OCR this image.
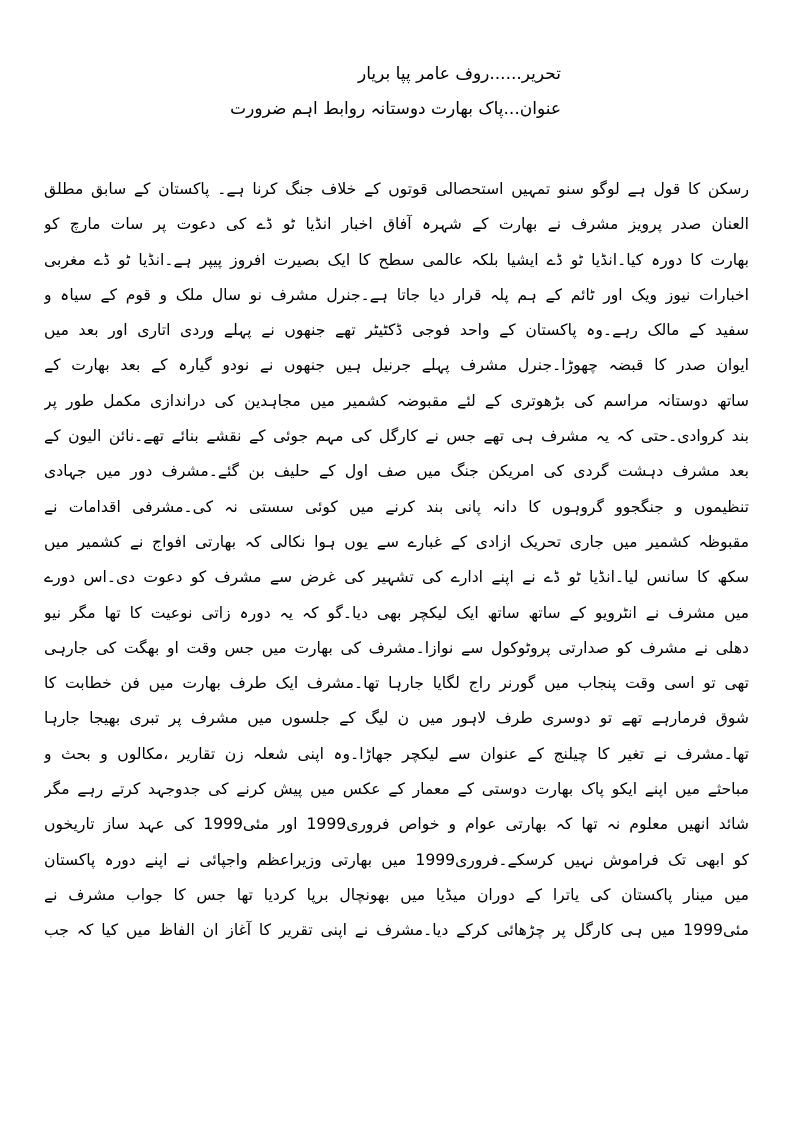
تحریر......روف عامر پپا بریار
عنوان...پاک بھارت دوستانہ روابط اہم ضرورت
رسکن کا قول ہے لوگو سنو تمہیں استحصالی قوتوں کے خلاف جنگ کرنا ہے۔ پاکستان کے سابق مطلق
العنان صدر پرویز مشرف نے بھارت کے شہرہ آفاق اخبار انڈیا ٹو ڈے کی دعوت پر سات مارچ کو
بھارت کا دورہ کیا۔انڈیا ٹو ڈے ایشیا بلکہ عالمی سطح کا ایک بصیرت افروز پیپر ہے۔انڈیا ٹو ڈے مغربی
اخبارات نیوز ویک اور ٹائم کے ہم پلہ قرار دیا جاتا ہے۔جنرل مشرف نو سال ملک و قوم کے سیاہ و
سفید کے مالک رہے۔وہ پاکستان کے واحد فوجی ڈکٹیٹر تھے جنھوں نے پہلے وردی اتاری اور بعد میں
ایوان صدر کا قبضہ چھوڑا۔جنرل مشرف پہلے جرنیل ہیں جنھوں نے نودو گیارہ کے بعد بھارت کے
ساتھ دوستانہ مراسم کی بڑھوتری کے لئے مقبوضہ کشمیر میں مجاہدین کی دراندازی مکمل طور پر
بند کروادی۔حتی کہ یہ مشرف ہی تھے جس نے کارگل کی مہم جوئی کے نقشے بنائے تھے۔نائن الیون کے
بعد مشرف دہشت گردی کی امریکن جنگ میں صف اول کے حلیف بن گئے۔مشرف دور میں جہادی
تنظیموں و جنگجوو گروہوں کا دانہ پانی بند کرنے میں کوئی سستی نہ کی۔مشرفی اقدامات نے
مقبوظہ کشمیر میں جاری تحریک ازادی کے غبارے سے یوں ہوا نکالی کہ بھارتی افواج نے کشمیر میں
سکھ کا سانس لیا۔انڈیا ٹو ڈے نے اپنے ادارے کی تشہیر کی غرض سے مشرف کو دعوت دی۔اس دورے
میں مشرف نے انٹرویو کے ساتھ ساتھ ایک لیکچر بھی دیا۔گو کہ یہ دورہ زاتی نوعیت کا تھا مگر نیو
دھلی نے مشرف کو صدارتی پروٹوکول سے نوازا۔مشرف کی بھارت میں جس وقت او بھگت کی جارہی
تھی تو اسی وقت پنجاب میں گورنر راج لگایا جارہا تھا۔مشرف ایک طرف بھارت میں فن خطابت کا
شوق فرمارہے تھے تو دوسری طرف لاہور میں ن لیگ کے جلسوں میں مشرف پر تبری بھیجا جارہا
تھا۔مشرف نے تغیر کا چیلنج کے عنوان سے لیکچر جھاڑا۔وہ اپنی شعلہ زن تقاریر ،مکالوں و بحث و
مباحثے میں اپنے ایکو پاک بھارت دوستی کے معمار کے عکس میں پیش کرنے کی جدوجہد کرتے رہے مگر
شائد انھیں معلوم نہ تھا کہ بھارتی عوام و خواص فروری1999 اور مئی1999 کی عہد ساز تاریخوں
کو ابھی تک فراموش نہیں کرسکے۔فروری1999 میں بھارتی وزیراعظم واجپائی نے اپنے دورہ پاکستان
میں مینار پاکستان کی یاترا کے دوران میڈیا میں بھونچال برپا کردیا تھا جس کا جواب مشرف نے
مئی1999 میں ہی کارگل پر چڑھائی کرکے دیا۔مشرف نے اپنی تقریر کا آغاز ان الفاظ میں کیا کہ جب
